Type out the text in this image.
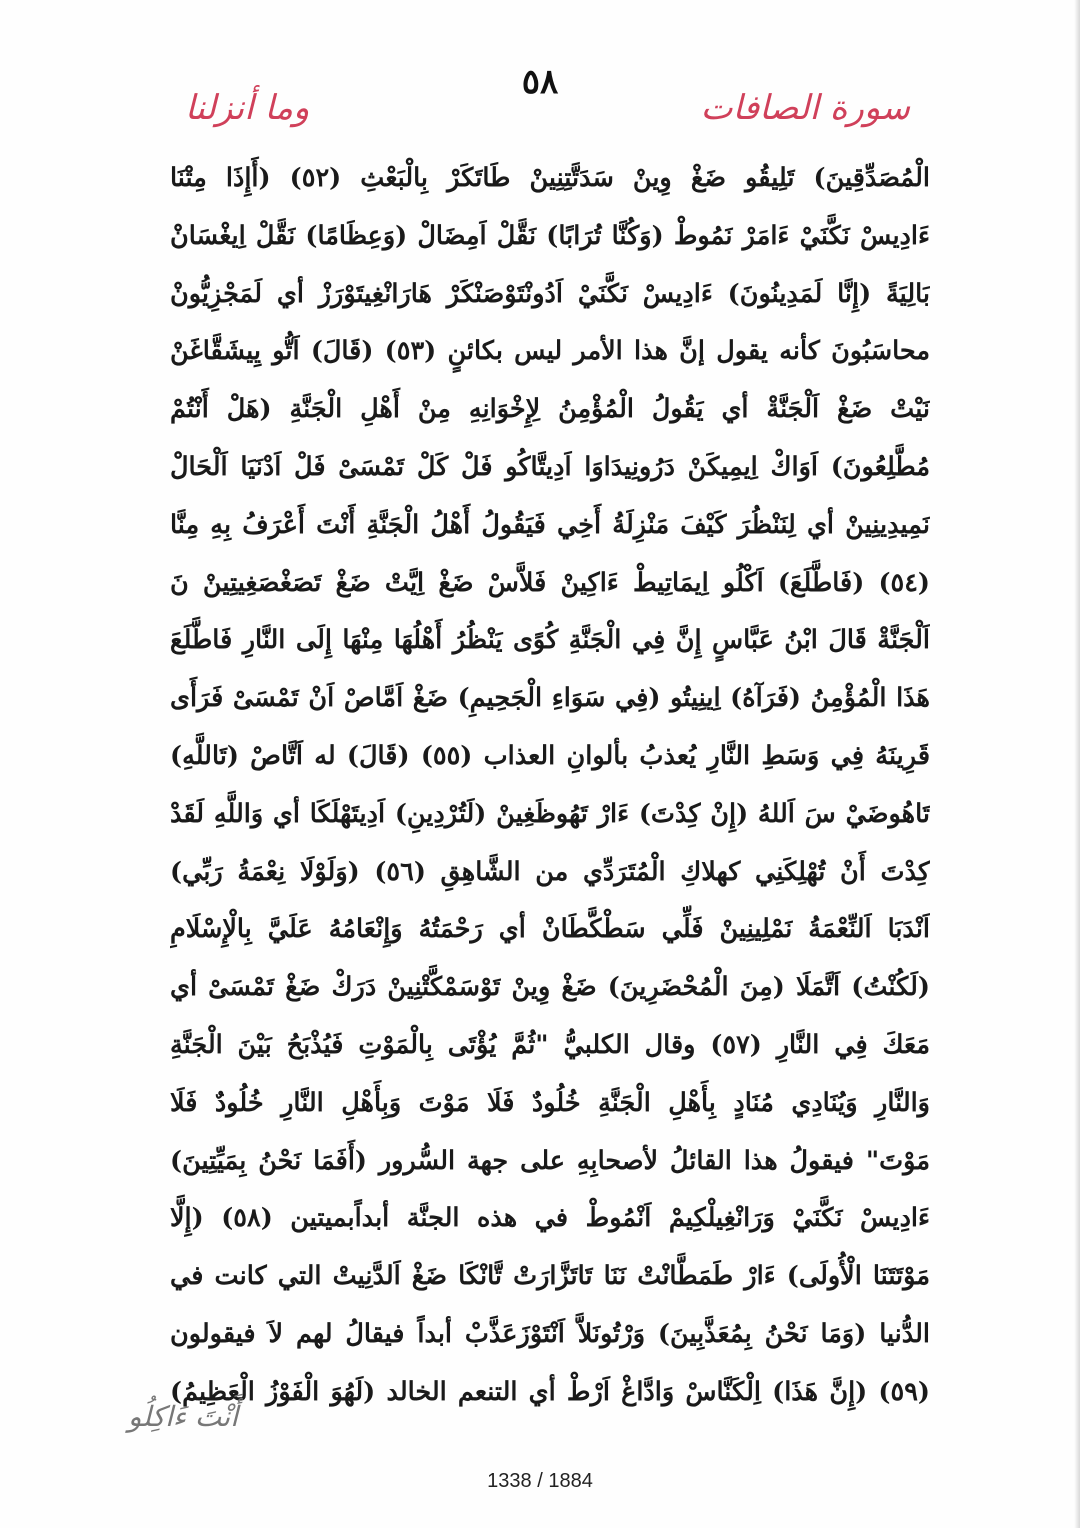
٥٨
سورة الصافات
وما أنزلنا
الْمُصَدِّقِينَ) تَلِيقُو ضَغْ وِينْ سَدَتَّتِنِينْ طَاتَكَرْ بِالْبَعْثِ (٥٢) (أَإِذَا مِتْنَا
ءَادِيسْ نَكَّنَيْ ءَامَرْ نَمُوطْ (وَكُنَّا تُرَابًا) نَقَّلْ اَمِضَالْ (وَعِظَامًا) نَقَّلْ اِيغْسَانْ
بَالِيَةً (إِنَّا لَمَدِينُونَ) ءَادِيسْ نَكَّنَيْ اَدُونْتَوْصَنْكَرْ هَارَانْغِيتَوْرَزْ أي لَمَجْزِيُّونْ
محاسَبُونَ كأنه يقول إنَّ هذا الأمر ليس بكائنٍ (٥٣) (قَالَ) اَتُّو يِيشَقَّاغَنْ
نَيْتْ ضَغْ اَلْجَنَّةْ أي يَقُولُ الْمُؤْمِنُ لِإِخْوَانِهِ مِنْ أَهْلِ الْجَنَّةِ (هَلْ أَنْتُمْ
مُطَّلِعُونَ) اَوَاكْ اِيمِيكَنْ دَرُونِيدَاوَا اَدِيتَّاكُو فَلْ كَلْ تَمْسَىْ فَلْ اَدْنَيَا اَلْحَالْ
نَمِيدِينِينْ أي لِنَنْظُرَ كَيْفَ مَنْزِلَةُ أَخِي فَيَقُولُ أَهْلُ الْجَنَّةِ أَنْتَ أَعْرَفُ بِهِ مِنَّا
(٥٤) (فَاطَّلَعَ) اَكْلُو اِيمَاتِيطْ ءَاكِينْ فَلاَّسْ ضَغْ اِيَّتْ ضَغْ تَصَغْصَغِيتِينْ نَ
اَلْجَنَّةْ قَالَ ابْنُ عَبَّاسٍ إِنَّ فِي الْجَنَّةِ كُوًى يَنْظُرُ أَهْلُهَا مِنْهَا إِلَى النَّارِ فَاطَّلَعَ
هَذَا الْمُؤْمِنُ (فَرَآهُ) اِينِيتُو (فِي سَوَاءِ الْجَحِيمِ) ضَغْ اَمَّاصْ اَنْ تَمْسَىْ فَرَأَى
قَرِينَهُ فِي وَسَطِ النَّارِ يُعذبُ بألوانِ العذاب (٥٥) (قَالَ) له اَتَّاصْ (تَاللَّهِ)
تَاهُوضَيْ سَ اَللهُ (إِنْ كِدْتَ) ءَارْ تَهُوظَغِينْ (لَتُرْدِينِ) اَدِيتَهْلَكَا أي وَاللَّهِ لَقَدْ
كِدْتَ أَنْ تُهْلِكَنِي كهلاكِ الْمُتَرَدِّي من الشَّاهِقِ (٥٦) (وَلَوْلَا نِعْمَةُ رَبِّي)
اَنْدَبَا اَلنِّعْمَةُ نَمْلِينِينْ فَلِّي سَطْكَّطَانْ أي رَحْمَتُهُ وَإِنْعَامُهُ عَلَيَّ بِالْإِسْلَامِ
(لَكُنْتُ) اَتَّمَلَا (مِنَ الْمُحْضَرِينَ) ضَغْ وِينْ تَوْسَمْكَّتْنِينْ دَرَكْ ضَغْ تَمْسَىْ أي
مَعَكَ فِي النَّارِ (٥٧) وقال الكلبيُّ "ثُمَّ يُؤْتَى بِالْمَوْتِ فَيُذْبَحُ بَيْنَ الْجَنَّةِ
وَالنَّارِ وَيُنَادِي مُنَادٍ بِأَهْلِ الْجَنَّةِ خُلُودٌ فَلَا مَوْتَ وَبِأَهْلِ النَّارِ خُلُودٌ فَلَا
مَوْتَ" فيقولُ هذا القائلُ لأصحابِهِ على جهة السُّرور (أَفَمَا نَحْنُ بِمَيِّتِينَ)
ءَادِيسْ نَكَّنَيْ وَرَانْغِيلْكِيمْ اَنْمُوطْ في هذه الجنَّة أبداًبميتين (٥٨) (إِلَّا
مَوْتَتَنَا الْأُولَى) ءَارْ طَمَطَّانْتْ نَنَا تَاتَزَّارَتْ تَّانْكَا ضَغْ اَلدَّنِيتْ التي كانت في
الدُّنيا (وَمَا نَحْنُ بِمُعَذَّبِينَ) وَرْتُونَلاَّ اَنْتَوْزَعَذَّبْ أبداً فيقالُ لهم لاَ فيقولون
(٥٩) (إِنَّ هَذَا) اِلْكَنَّاسْ وَادَّاغْ اَرْطْ أي التنعم الخالد (لَهُوَ الْفَوْزُ الْعَظِيمُ)
أَنْتَ ءَاكِلُو
1338 / 1884
